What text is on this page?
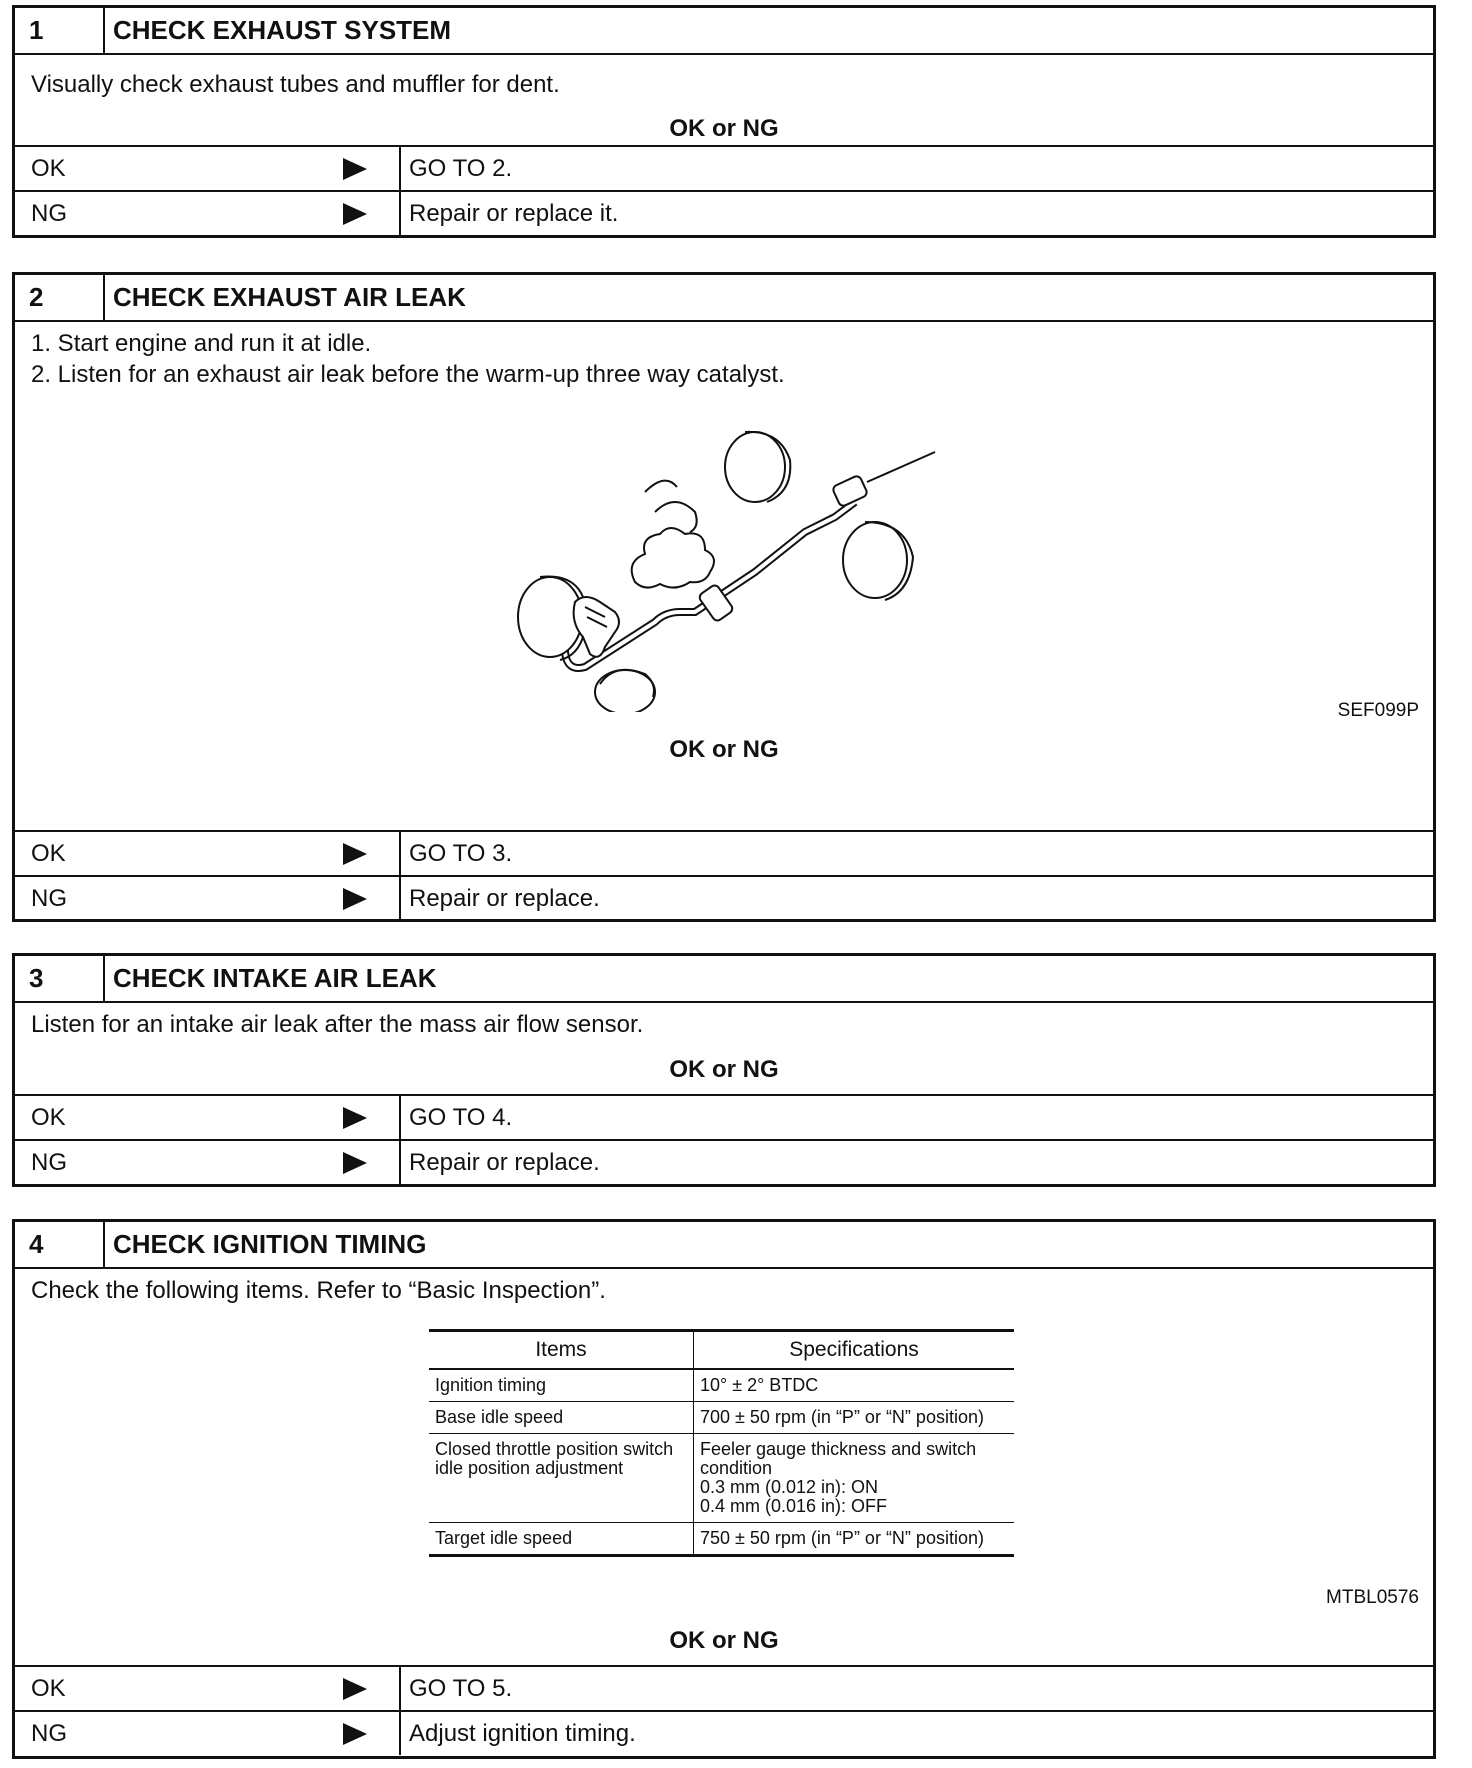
1	CHECK EXHAUST SYSTEM

Visually check exhaust tubes and muffler for dent.

OK or NG
OK	GO TO 2.
NG	Repair or replace it.
2	CHECK EXHAUST AIR LEAK

1. Start engine and run it at idle.

2. Listen for an exhaust air leak before the warm-up three way catalyst.

SEF099P
OK or NG
OK	GO TO 3.
NG	Repair or replace.
3	CHECK INTAKE AIR LEAK

Listen for an intake air leak after the mass air flow sensor.

OK or NG
OK	GO TO 4.
NG	Repair or replace.
4	CHECK IGNITION TIMING

Check the following items. Refer to “Basic Inspection”.

Items	Specifications
Ignition timing	10° ± 2° BTDC
Base idle speed	700 ± 50 rpm (in “P” or “N” position)
Closed throttle position switch
idle position adjustment	Feeler gauge thickness and switch
condition
0.3 mm (0.012 in): ON
0.4 mm (0.016 in): OFF
Target idle speed	750 ± 50 rpm (in “P” or “N” position)
MTBL0576
OK or NG
OK	GO TO 5.
NG	Adjust ignition timing.
